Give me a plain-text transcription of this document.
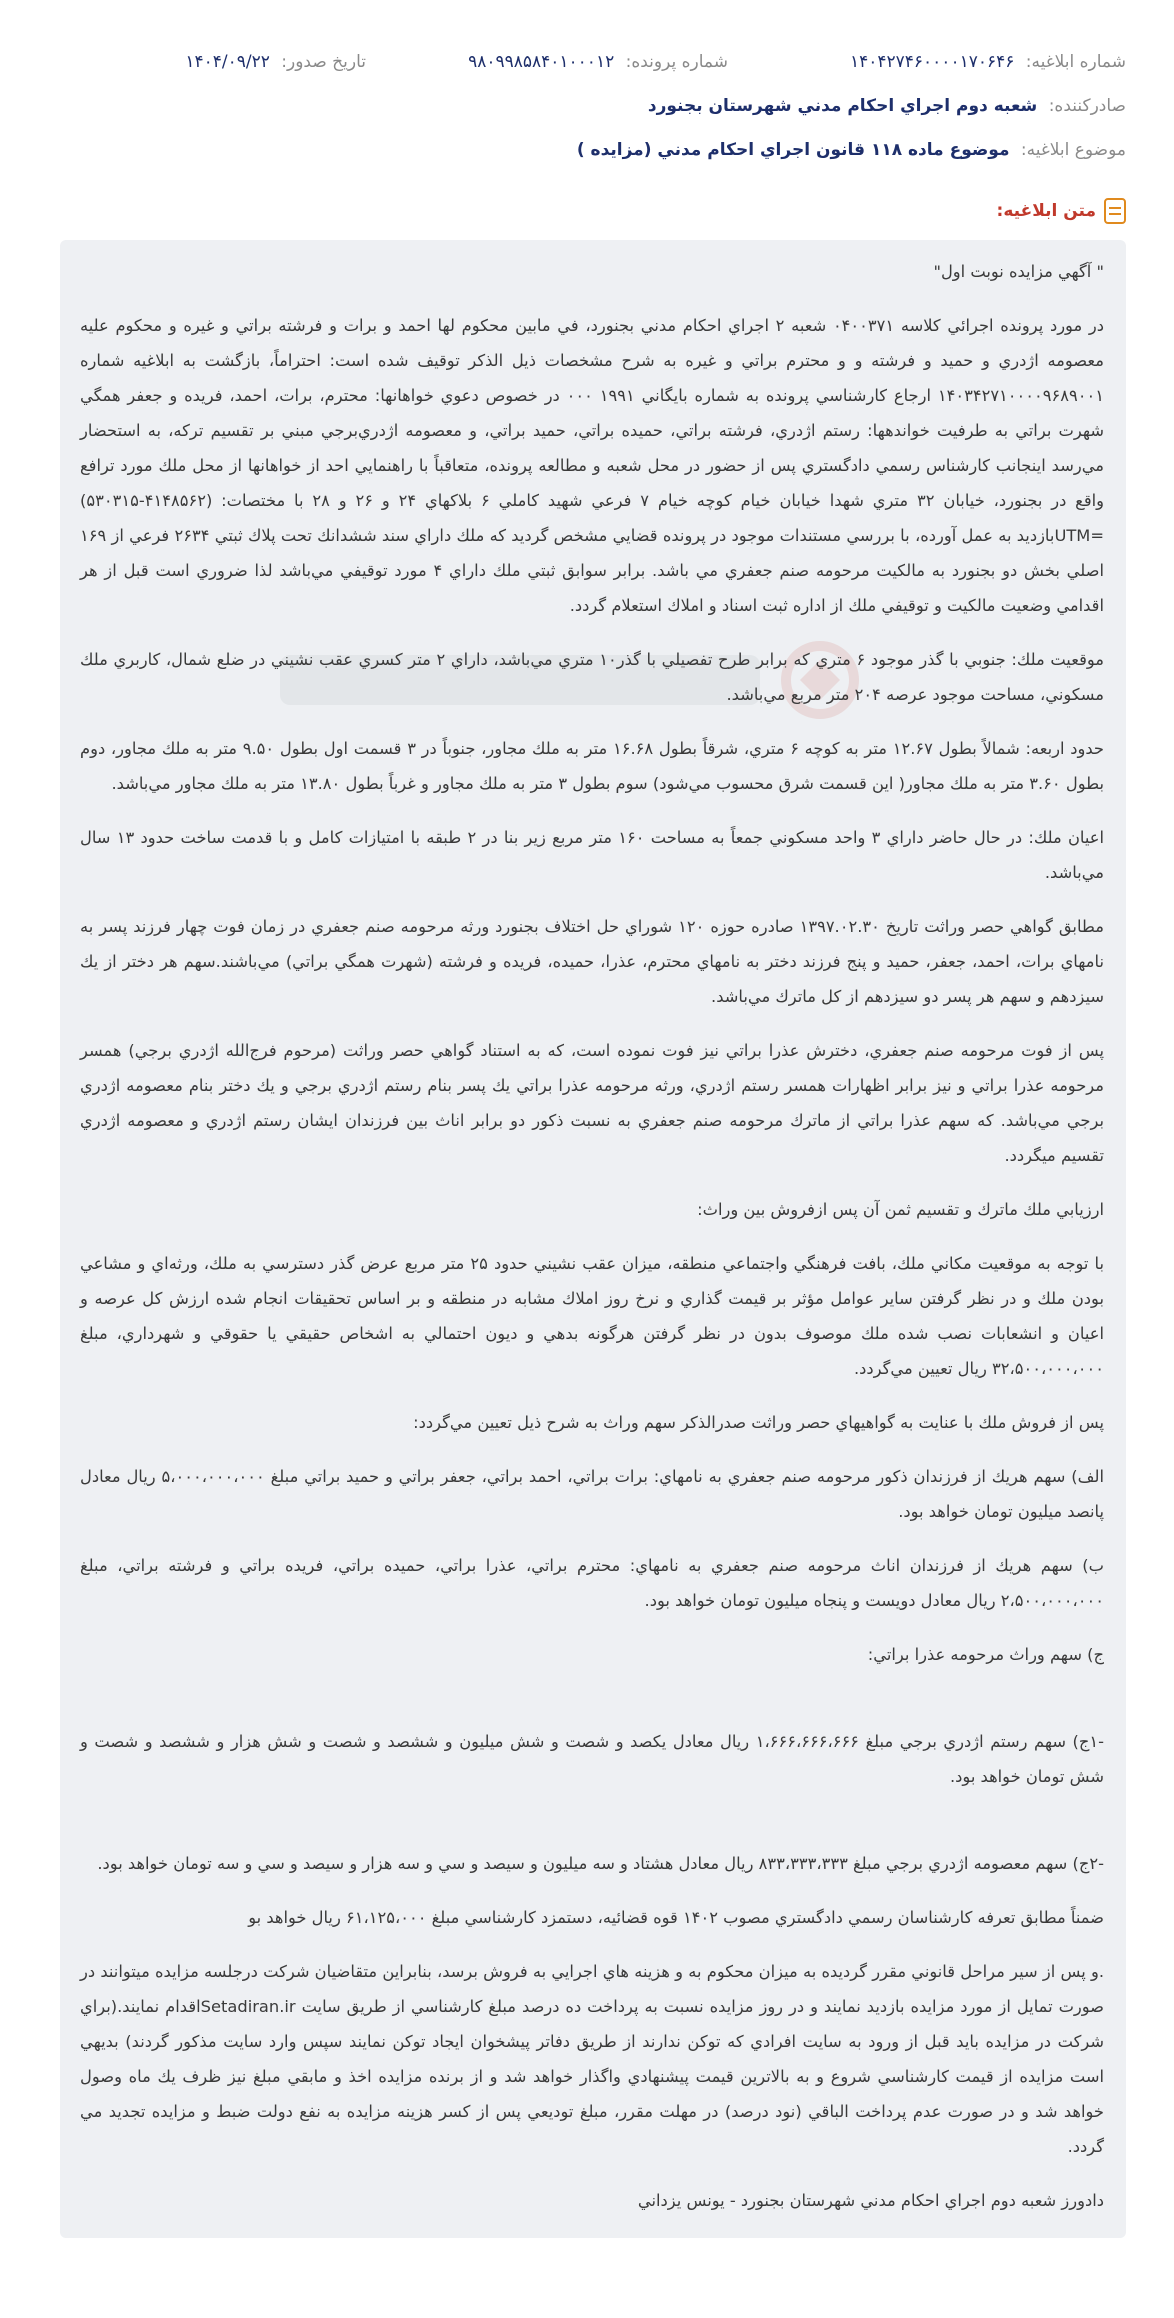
شماره ابلاغيه: ۱۴۰۴۲۷۴۶۰۰۰۰۱۷۰۶۴۶
شماره پرونده: ۹۸۰۹۹۸۵۸۴۰۱۰۰۰۱۲
تاريخ صدور: ۱۴۰۴/۰۹/۲۲
صادركننده: شعبه دوم اجراي احكام مدني شهرستان بجنورد
موضوع ابلاغيه: موضوع ماده ۱۱۸ قانون اجراي احكام مدني (مزايده )
متن ابلاغيه:

" آگهي مزايده نوبت اول"

در مورد پرونده اجرائي كلاسه ۰۴۰۰۳۷۱ شعبه ۲ اجراي احكام مدني بجنورد، في مابين محكوم لها احمد و برات و فرشته براتي و غيره و محكوم عليه معصومه اژدري و حميد و فرشته و و محترم براتي و غيره به شرح مشخصات ذيل الذكر توقيف شده است: احتراماً، بازگشت به ابلاغيه شماره ۱۴۰۳۴۲۷۱۰۰۰۰۹۶۸۹۰۰۱ ارجاع كارشناسي پرونده به شماره بايگاني ۱۹۹۱ ۰۰۰ در خصوص دعوي خواهانها: محترم، برات، احمد، فريده و جعفر همگي شهرت براتي به طرفيت خواندهها: رستم اژدري، فرشته براتي، حميده براتي، حميد براتي، و معصومه اژدري‌برجي مبني بر تقسيم تركه، به استحضار مي‌رسد اينجانب كارشناس رسمي دادگستري پس از حضور در محل شعبه و مطالعه پرونده، متعاقباً با راهنمايي احد از خواهانها از محل ملك مورد ترافع واقع در بجنورد، خيابان ۳۲ متري شهدا خيابان خيام كوچه خيام ۷ فرعي شهيد كاملي ۶ بلاكهاي ۲۴ و ۲۶ و ۲۸ با مختصات: (۴۱۴۸۵۶۲-۵۳۰۳۱۵) =UTMبازديد به عمل آورده، با بررسي مستندات موجود در پرونده قضايي مشخص گرديد كه ملك داراي سند ششدانك تحت پلاك ثبتي ۲۶۳۴ فرعي از ۱۶۹ اصلي بخش دو بجنورد به مالكيت مرحومه صنم جعفري مي باشد. برابر سوابق ثبتي ملك داراي ۴ مورد توقيفي مي‌باشد لذا ضروري است قبل از هر اقدامي وضعيت مالكيت و توقيفي ملك از اداره ثبت اسناد و املاك استعلام گردد.

موقعيت ملك: جنوبي با گذر موجود ۶ متري كه برابر طرح تفصيلي با گذر۱۰ متري مي‌باشد، داراي ۲ متر كسري عقب نشيني در ضلع شمال، كاربري ملك مسكوني، مساحت موجود عرصه ۲۰۴ متر مربع مي‌باشد.

حدود اربعه: شمالاً بطول ۱۲.۶۷ متر به كوچه ۶ متري، شرقاً بطول ۱۶.۶۸ متر به ملك مجاور، جنوباً در ۳ قسمت اول بطول ۹.۵۰ متر به ملك مجاور، دوم بطول ۳.۶۰ متر به ملك مجاور( اين قسمت شرق محسوب مي‌شود) سوم بطول ۳ متر به ملك مجاور و غرباً بطول ۱۳.۸۰ متر به ملك مجاور مي‌باشد.

اعيان ملك: در حال حاضر داراي ۳ واحد مسكوني جمعاً به مساحت ۱۶۰ متر مربع زير بنا در ۲ طبقه با امتيازات كامل و با قدمت ساخت حدود ۱۳ سال مي‌باشد.

مطابق گواهي حصر وراثت تاريخ ۱۳۹۷.۰۲.۳۰ صادره حوزه ۱۲۰ شوراي حل اختلاف بجنورد ورثه مرحومه صنم جعفري در زمان فوت چهار فرزند پسر به نامهاي برات، احمد، جعفر، حميد و پنج فرزند دختر به نامهاي محترم، عذرا، حميده، فريده و فرشته (شهرت همگي براتي) مي‌باشند.سهم هر دختر از يك سيزدهم و سهم هر پسر دو سيزدهم از كل ماترك مي‌باشد.

پس از فوت مرحومه صنم جعفري، دخترش عذرا براتي نيز فوت نموده است، كه به استناد گواهي حصر وراثت (مرحوم فرج‌الله اژدري برجي) همسر مرحومه عذرا براتي و نيز برابر اظهارات همسر رستم اژدري، ورثه مرحومه عذرا براتي يك پسر بنام رستم اژدري برجي و يك دختر بنام معصومه اژدري برجي مي‌باشد. كه سهم عذرا براتي از ماترك مرحومه صنم جعفري به نسبت ذكور دو برابر اناث بين فرزندان ايشان رستم اژدري و معصومه اژدري تقسيم ميگردد.

ارزيابي ملك ماترك و تقسيم ثمن آن پس ازفروش بين وراث:

با توجه به موقعيت مكاني ملك، بافت فرهنگي واجتماعي منطقه، ميزان عقب نشيني حدود ۲۵ متر مربع عرض گذر دسترسي به ملك، ورثه‌اي و مشاعي بودن ملك و در نظر گرفتن ساير عوامل مؤثر بر قيمت گذاري و نرخ روز املاك مشابه در منطقه و بر اساس تحقيقات انجام شده ارزش كل عرصه و اعيان و انشعابات نصب شده ملك موصوف بدون در نظر گرفتن هرگونه بدهي و ديون احتمالي به اشخاص حقيقي يا حقوقي و شهرداري، مبلغ ۳۲،۵۰۰،۰۰۰،۰۰۰ ريال تعيين مي‌گردد.

پس از فروش ملك با عنايت به گواهيهاي حصر وراثت صدرالذكر سهم وراث به شرح ذيل تعيين مي‌گردد:

الف) سهم هريك از فرزندان ذكور مرحومه صنم جعفري به نامهاي: برات براتي، احمد براتي، جعفر براتي و حميد براتي مبلغ ۵،۰۰۰،۰۰۰،۰۰۰ ريال معادل پانصد ميليون تومان خواهد بود.

ب) سهم هريك از فرزندان اناث مرحومه صنم جعفري به نامهاي: محترم براتي، عذرا براتي، حميده براتي، فريده براتي و فرشته براتي، مبلغ ۲،۵۰۰،۰۰۰،۰۰۰ ريال معادل دويست و پنجاه ميليون تومان خواهد بود.

ج) سهم وراث مرحومه عذرا براتي:

-۱ج) سهم رستم اژدري برجي مبلغ ۱،۶۶۶،۶۶۶،۶۶۶ ريال معادل يكصد و شصت و شش ميليون و ششصد و شصت و شش هزار و ششصد و شصت و شش تومان خواهد بود.

-۲ج) سهم معصومه اژدري برجي مبلغ ۸۳۳،۳۳۳،۳۳۳ ريال معادل هشتاد و سه ميليون و سيصد و سي و سه هزار و سيصد و سي و سه تومان خواهد بود.

ضمناً مطابق تعرفه كارشناسان رسمي دادگستري مصوب ۱۴۰۲ قوه قضائيه، دستمزد كارشناسي مبلغ ۶۱،۱۲۵،۰۰۰ ريال خواهد بو

.و پس از سير مراحل قانوني مقرر گرديده به ميزان محكوم به و هزينه هاي اجرايي به فروش برسد، بنابراين متقاضيان شركت درجلسه مزايده ميتوانند در صورت تمايل از مورد مزايده بازديد نمايند و در روز مزايده نسبت به پرداخت ده درصد مبلغ كارشناسي از طريق سايت Setadiran.irاقدام نمايند.(براي شركت در مزايده بايد قبل از ورود به سايت افرادي كه توكن ندارند از طريق دفاتر پيشخوان ايجاد توكن نمايند سپس وارد سايت مذكور گردند) بديهي است مزايده از قيمت كارشناسي شروع و به بالاترين قيمت پيشنهادي واگذار خواهد شد و از برنده مزايده اخذ و مابقي مبلغ نيز ظرف يك ماه وصول خواهد شد و در صورت عدم پرداخت الباقي (نود درصد) در مهلت مقرر، مبلغ توديعي پس از كسر هزينه مزايده به نفع دولت ضبط و مزايده تجديد مي گردد.

دادورز شعبه دوم اجراي احكام مدني شهرستان بجنورد - يونس يزداني
